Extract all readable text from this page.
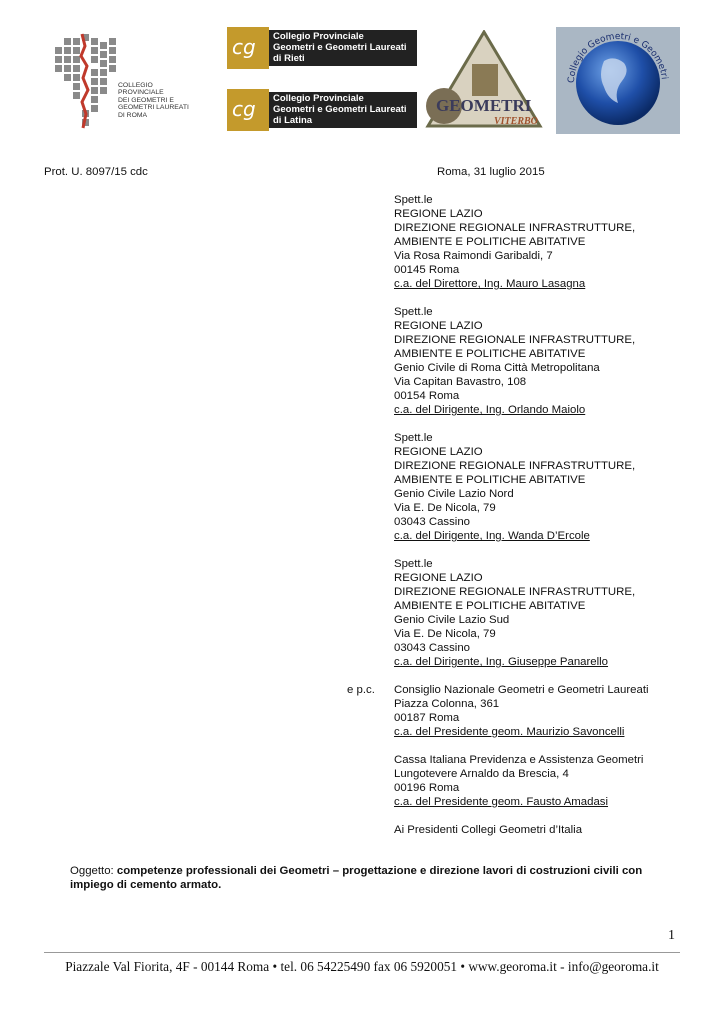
COLLEGIO
PROVINCIALE
DEI GEOMETRI E
GEOMETRI LAUREATI
DI ROMA
cg Collegio Provinciale
Geometri e Geometri Laureati
di Rieti
cg Collegio Provinciale
Geometri e Geometri Laureati
di Latina
GEOMETRI
VITERBO
Collegio Geometri e Geometri
Prot. U. 8097/15 cdc	Roma, 31 luglio 2015
Spett.le
REGIONE LAZIO
DIREZIONE REGIONALE INFRASTRUTTURE,
AMBIENTE E POLITICHE ABITATIVE
Via Rosa Raimondi Garibaldi, 7
00145 Roma
c.a. del Direttore, Ing. Mauro Lasagna
Spett.le
REGIONE LAZIO
DIREZIONE REGIONALE INFRASTRUTTURE,
AMBIENTE E POLITICHE ABITATIVE
Genio Civile di Roma Città Metropolitana
Via Capitan Bavastro, 108
00154 Roma
c.a. del Dirigente, Ing. Orlando Maiolo
Spett.le
REGIONE LAZIO
DIREZIONE REGIONALE INFRASTRUTTURE,
AMBIENTE E POLITICHE ABITATIVE
Genio Civile Lazio Nord
Via E. De Nicola, 79
03043 Cassino
c.a. del Dirigente, Ing. Wanda D’Ercole
Spett.le
REGIONE LAZIO
DIREZIONE REGIONALE INFRASTRUTTURE,
AMBIENTE E POLITICHE ABITATIVE
Genio Civile Lazio Sud
Via E. De Nicola, 79
03043 Cassino
c.a. del Dirigente, Ing. Giuseppe Panarello
Consiglio Nazionale Geometri e Geometri Laureati
Piazza Colonna, 361
00187 Roma
c.a. del Presidente geom. Maurizio Savoncelli
Cassa Italiana Previdenza e Assistenza Geometri
Lungotevere Arnaldo da Brescia, 4
00196 Roma
c.a. del Presidente geom. Fausto Amadasi
Ai Presidenti Collegi Geometri d’Italia
e p.c.
Oggetto: competenze professionali dei Geometri – progettazione e direzione lavori di costruzioni civili con impiego di cemento armato.
1
Piazzale Val Fiorita, 4F - 00144 Roma • tel. 06 54225490 fax 06 5920051 • www.georoma.it - info@georoma.it
